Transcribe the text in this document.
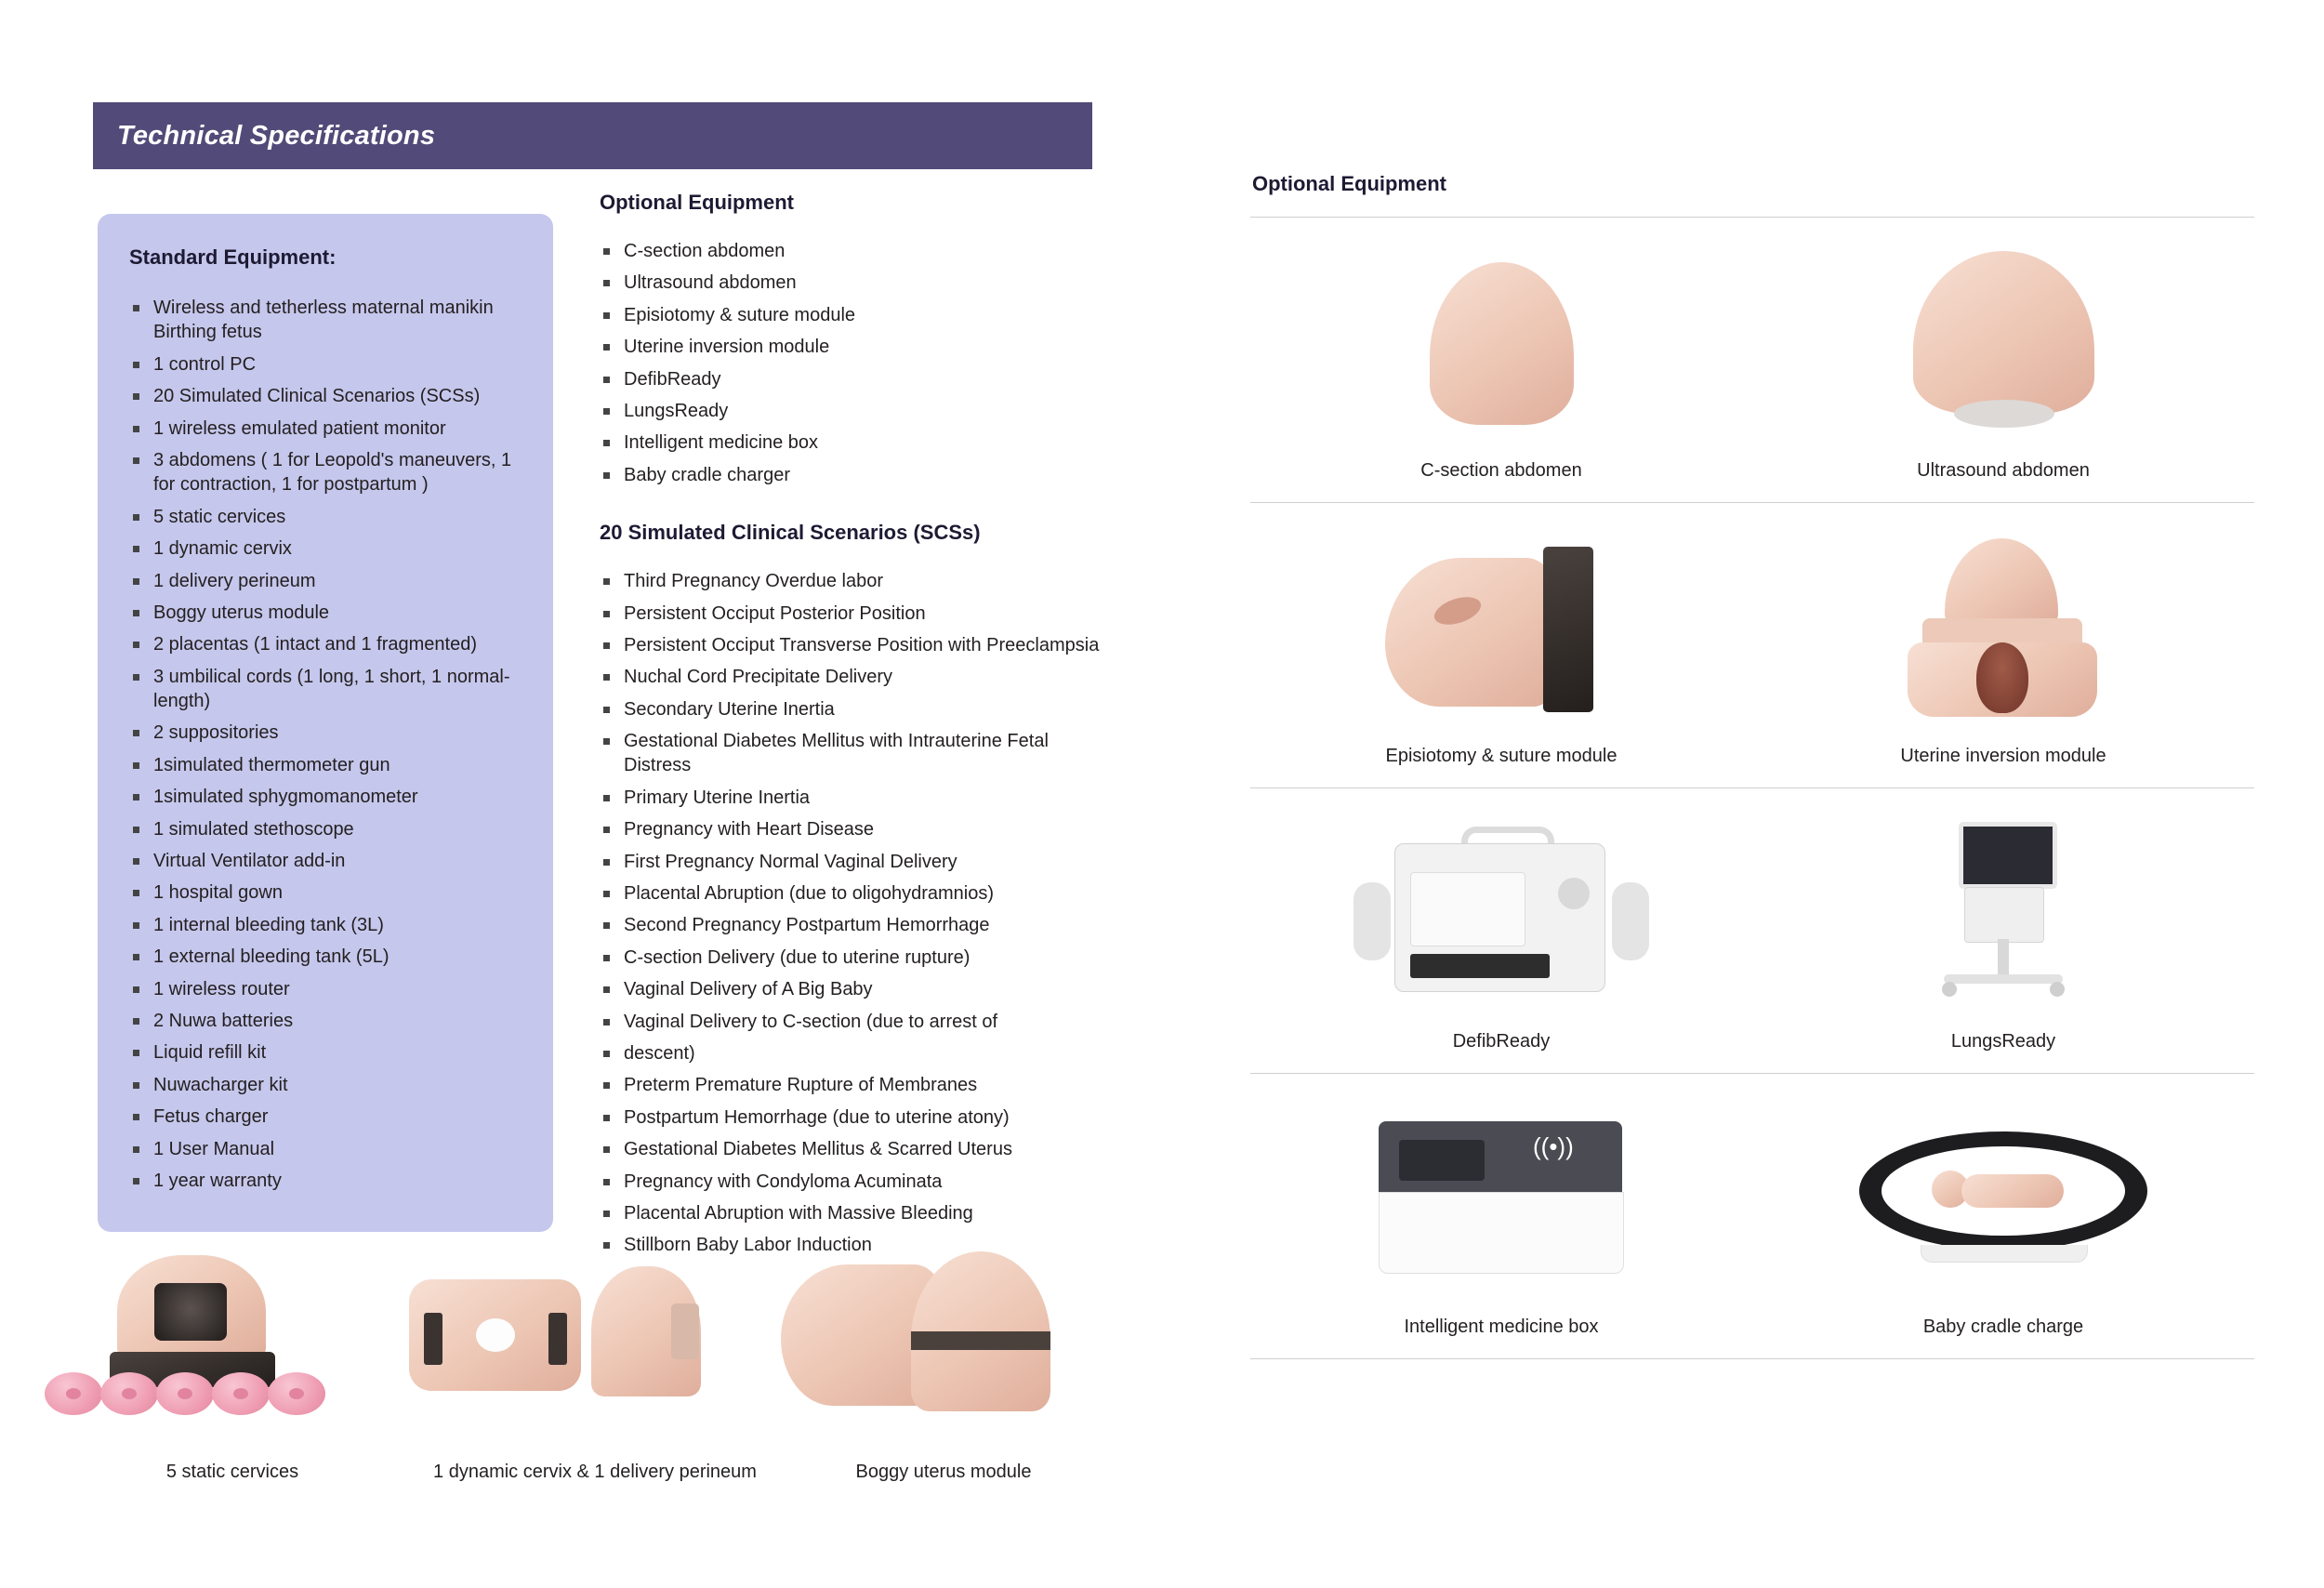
Technical Specifications
Standard Equipment:
Wireless and tetherless maternal manikin Birthing fetus
1 control PC
20 Simulated Clinical Scenarios (SCSs)
1 wireless emulated patient monitor
3 abdomens ( 1 for Leopold's maneuvers, 1 for contraction, 1 for postpartum )
5 static cervices
1 dynamic cervix
1 delivery perineum
Boggy uterus module
2 placentas (1 intact and 1 fragmented)
3 umbilical cords (1 long, 1 short, 1 normal-length)
2 suppositories
1simulated thermometer gun
1simulated sphygmomanometer
1 simulated stethoscope
Virtual Ventilator add-in
1 hospital gown
1 internal bleeding tank (3L)
1 external bleeding tank (5L)
1 wireless router
2 Nuwa batteries
Liquid refill kit
Nuwacharger kit
Fetus charger
1 User Manual
1 year warranty
Optional Equipment
C-section abdomen
Ultrasound abdomen
Episiotomy & suture module
Uterine inversion module
DefibReady
LungsReady
Intelligent medicine box
Baby cradle charger
20 Simulated Clinical Scenarios (SCSs)
Third Pregnancy Overdue labor
Persistent Occiput Posterior Position
Persistent Occiput Transverse Position with Preeclampsia
Nuchal Cord Precipitate Delivery
Secondary Uterine Inertia
Gestational Diabetes Mellitus with Intrauterine Fetal Distress
Primary Uterine Inertia
Pregnancy with Heart Disease
First Pregnancy Normal Vaginal Delivery
Placental Abruption (due to oligohydramnios)
Second Pregnancy Postpartum Hemorrhage
C-section Delivery (due to uterine rupture)
Vaginal Delivery of A Big Baby
Vaginal Delivery to C-section (due to arrest of
descent)
Preterm Premature Rupture of Membranes
Postpartum Hemorrhage (due to uterine atony)
Gestational Diabetes Mellitus & Scarred Uterus
Pregnancy with Condyloma Acuminata
Placental Abruption with Massive Bleeding
Stillborn Baby Labor Induction
5 static cervices	1 dynamic cervix & 1 delivery perineum	Boggy uterus module
Optional Equipment
C-section abdomen	Ultrasound abdomen
Episiotomy & suture module	Uterine inversion module
DefibReady	LungsReady
((•))
Intelligent medicine box	Baby cradle charge
